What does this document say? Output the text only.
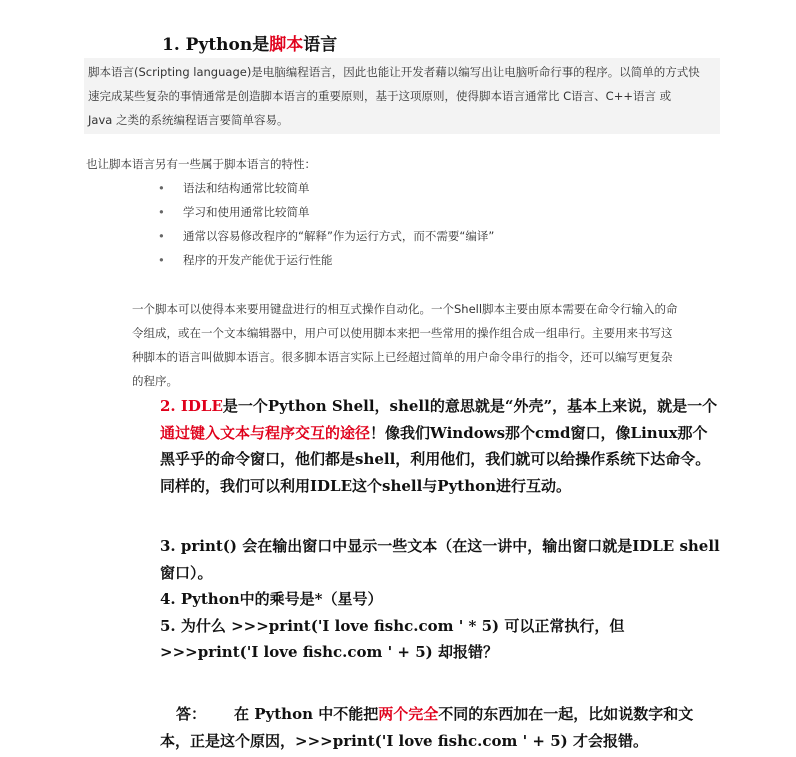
1. Python是脚本语言
脚本语言(Scripting language)是电脑编程语言，因此也能让开发者藉以编写出让电脑听命行事的程序。以简单的方式快
速完成某些复杂的事情通常是创造脚本语言的重要原则，基于这项原则，使得脚本语言通常比 C语言、C++语言 或
Java 之类的系统编程语言要简单容易。
也让脚本语言另有一些属于脚本语言的特性：
• 语法和结构通常比较简单
• 学习和使用通常比较简单
• 通常以容易修改程序的“解释”作为运行方式，而不需要“编译”
• 程序的开发产能优于运行性能
一个脚本可以使得本来要用键盘进行的相互式操作自动化。一个Shell脚本主要由原本需要在命令行输入的命
令组成，或在一个文本编辑器中，用户可以使用脚本来把一些常用的操作组合成一组串行。主要用来书写这
种脚本的语言叫做脚本语言。很多脚本语言实际上已经超过简单的用户命令串行的指令，还可以编写更复杂
的程序。
2. IDLE是一个Python Shell，shell的意思就是“外壳”，基本上来说，就是一个通过键入文本与程序交互的途径！像我们Windows那个cmd窗口，像Linux那个黑乎乎的命令窗口，他们都是shell，利用他们，我们就可以给操作系统下达命令。同样的，我们可以利用IDLE这个shell与Python进行互动。
3. print() 会在输出窗口中显示一些文本（在这一讲中，输出窗口就是IDLE shell窗口）。
4. Python中的乘号是*（星号）
5. 为什么 >>>print('I love fishc.com ' * 5) 可以正常执行，但>>>print('I love fishc.com ' + 5) 却报错？
答： 在 Python 中不能把两个完全不同的东西加在一起，比如说数字和文本，正是这个原因，>>>print('I love fishc.com ' + 5) 才会报错。
